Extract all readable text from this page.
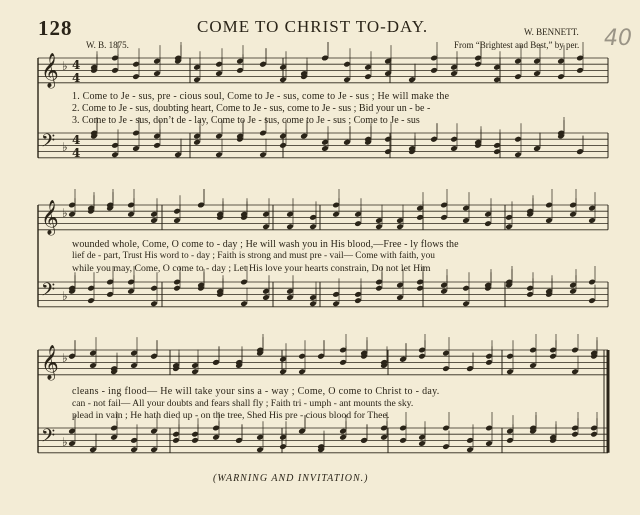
128	COME TO CHRIST TO-DAY.	W. BENNETT. 40
W. B. 1875.	From “Brightest and Best,” by per.
𝄞 ♭ 4
4
𝄢 ♭ 4
4
𝄞 ♭
𝄢 ♭
𝄞 ♭
𝄢 ♭
1. Come to Je - sus, pre - cious soul, Come to Je - sus, come to Je - sus ; He will make the
2. Come to Je - sus, doubting heart, Come to Je - sus, come to Je - sus ; Bid your un - be -
3. Come to Je - sus, don’t de - lay, Come to Je - sus, come to Je - sus ; Come to Je - sus
wounded whole, Come, O come to - day ; He will wash you in His blood,—Free - ly flows the
lief de - part, Trust His word to - day ; Faith is strong and must pre - vail— Come with faith, you
while you may, Come, O come to - day ; Let His love your hearts constrain, Do not let Him
cleans - ing flood— He will take your sins a - way ; Come, O come to Christ to - day.
can - not fail— All your doubts and fears shall fly ; Faith tri - umph - ant mounts the sky.
plead in vain ; He hath died up - on the tree, Shed His pre - cious blood for Thee.
(WARNING AND INVITATION.)
